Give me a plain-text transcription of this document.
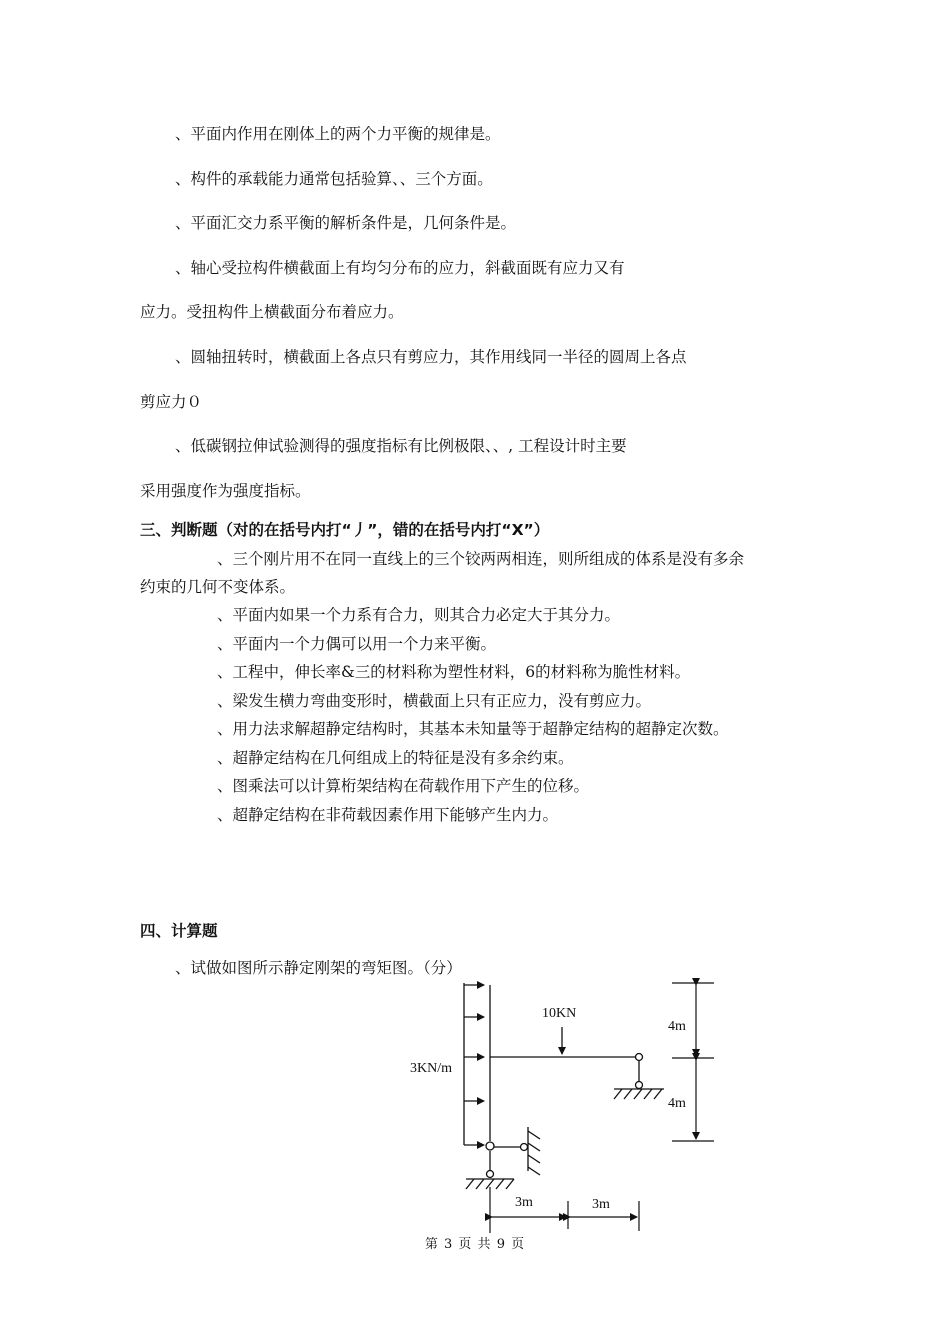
、平面内作用在刚体上的两个力平衡的规律是。
、构件的承载能力通常包括验算、、三个方面。
、平面汇交力系平衡的解析条件是，几何条件是。
、轴心受拉构件横截面上有均匀分布的应力，斜截面既有应力又有
应力。受扭构件上横截面分布着应力。
、圆轴扭转时，横截面上各点只有剪应力，其作用线同一半径的圆周上各点
剪应力０
、低碳钢拉伸试验测得的强度指标有比例极限、、, 工程设计时主要
采用强度作为强度指标。
三、判断题（对的在括号内打“丿”，错的在括号内打“X”）
、三个刚片用不在同一直线上的三个铰两两相连，则所组成的体系是没有多余
约束的几何不变体系。
、平面内如果一个力系有合力，则其合力必定大于其分力。
、平面内一个力偶可以用一个力来平衡。
、工程中，伸长率&三的材料称为塑性材料，6的材料称为脆性材料。
、梁发生横力弯曲变形时，横截面上只有正应力，没有剪应力。
、用力法求解超静定结构时，其基本未知量等于超静定结构的超静定次数。
、超静定结构在几何组成上的特征是没有多余约束。
、图乘法可以计算桁架结构在荷载作用下产生的位移。
、超静定结构在非荷载因素作用下能够产生内力。
四、计算题
、试做如图所示静定刚架的弯矩图。（分）
3KN/m
10KN
4m
4m
3m	3m
第 3 页 共 9 页
